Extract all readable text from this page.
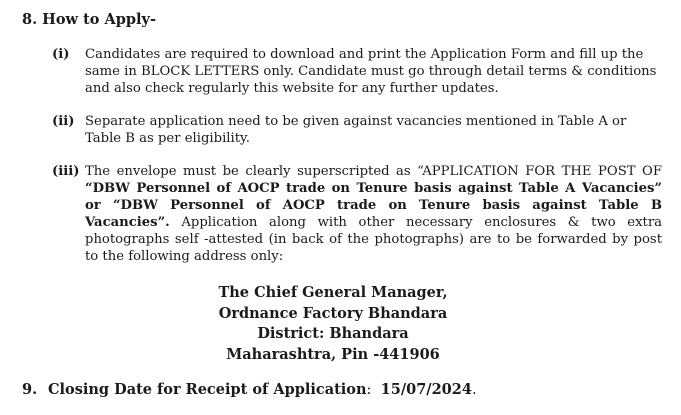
8. How to Apply-
(i) Candidates are required to download and print the Application Form and fill up the same in BLOCK LETTERS only. Candidate must go through detail terms & conditions and also check regularly this website for any further updates.
(ii) Separate application need to be given against vacancies mentioned in Table A or Table B as per eligibility.
(iii) The envelope must be clearly superscripted as “APPLICATION FOR THE POST OF “DBW Personnel of AOCP trade on Tenure basis against Table A Vacancies” or “DBW Personnel of AOCP trade on Tenure basis against Table B Vacancies”. Application along with other necessary enclosures & two extra photographs self -attested (in back of the photographs) are to be forwarded by post to the following address only:
The Chief General Manager,
Ordnance Factory Bhandara
District: Bhandara
Maharashtra, Pin -441906
9. Closing Date for Receipt of Application:  15/07/2024.
